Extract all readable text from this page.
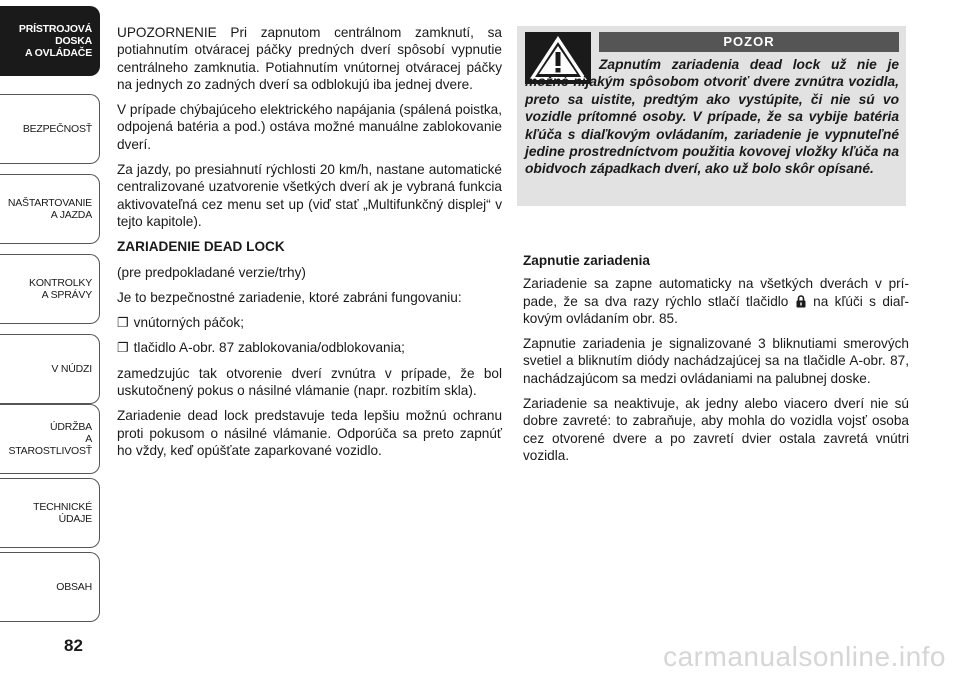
PRÍSTROJOVÁ
DOSKA
A OVLÁDAČE
BEZPEČNOSŤ
NAŠTARTOVANIE
A JAZDA
KONTROLKY
A SPRÁVY
V NÚDZI
ÚDRŽBA
A STAROSTLIVOSŤ
TECHNICKÉ ÚDAJE
OBSAH
82

UPOZORNENIE Pri zapnutom centrálnom zamknutí, sa potiahnutím otváracej páčky predných dverí spôsobí vypnutie centrálneho zamknutia. Potiahnutím vnútornej otváracej páčky na jednych zo zadných dverí sa odblokujú iba jednej dvere.

V prípade chýbajúceho elektrického napájania (spálená poistka, odpojená batéria a pod.) ostáva možné manuálne zablokovanie dverí.

Za jazdy, po presiahnutí rýchlosti 20 km/h, nastane automatické centralizované uzatvorenie všetkých dverí ak je vybraná funkcia aktivovateľná cez menu set up (viď stať „Multifunkčný displej“ v tejto kapitole).

ZARIADENIE DEAD LOCK

(pre predpokladané verzie/trhy)

Je to bezpečnostné zariadenie, ktoré zabráni fungovaniu:

❐ vnútorných páčok;

❐ tlačidlo A-obr. 87 zablokovania/odblokovania;

zamedzujúc tak otvorenie dverí zvnútra v prípade, že bol uskutočnený pokus o násilné vlámanie (napr. rozbitím skla).

Zariadenie dead lock predstavuje teda lepšiu možnú ochranu proti pokusom o násilné vlámanie. Odporúča sa preto zapnúť ho vždy, keď opúšťate zaparkované vozidlo.

POZOR
Zapnutím zariadenia dead lock už nie je možné nijakým spôsobom otvoriť dvere zvnútra vozidla, preto sa uistite, predtým ako vystúpite, či nie sú vo vozidle prítomné osoby. V prípade, že sa vybije batéria kľúča s diaľkovým ovládaním, zariadenie je vypnuteľné jedine prostredníctvom použitia kovovej vložky kľúča na obidvoch západkach dverí, ako už bolo skôr opísané.

Zapnutie zariadenia

Zariadenie sa zapne automaticky na všetkých dverách v prípade, že sa dva razy rýchlo stlačí tlačidlo na kľúči s diaľkovým ovládaním obr. 85.

Zapnutie zariadenia je signalizované 3 bliknutiami smerových svetiel a bliknutím diódy nachádzajúcej sa na tlačidle A-obr. 87, nachádzajúcom sa medzi ovládaniami na palubnej doske.

Zariadenie sa neaktivuje, ak jedny alebo viacero dverí nie sú dobre zavreté: to zabraňuje, aby mohla do vozidla vojsť osoba cez otvorené dvere a po zavretí dvier ostala zavretá vnútri vozidla.

carmanualsonline.info
